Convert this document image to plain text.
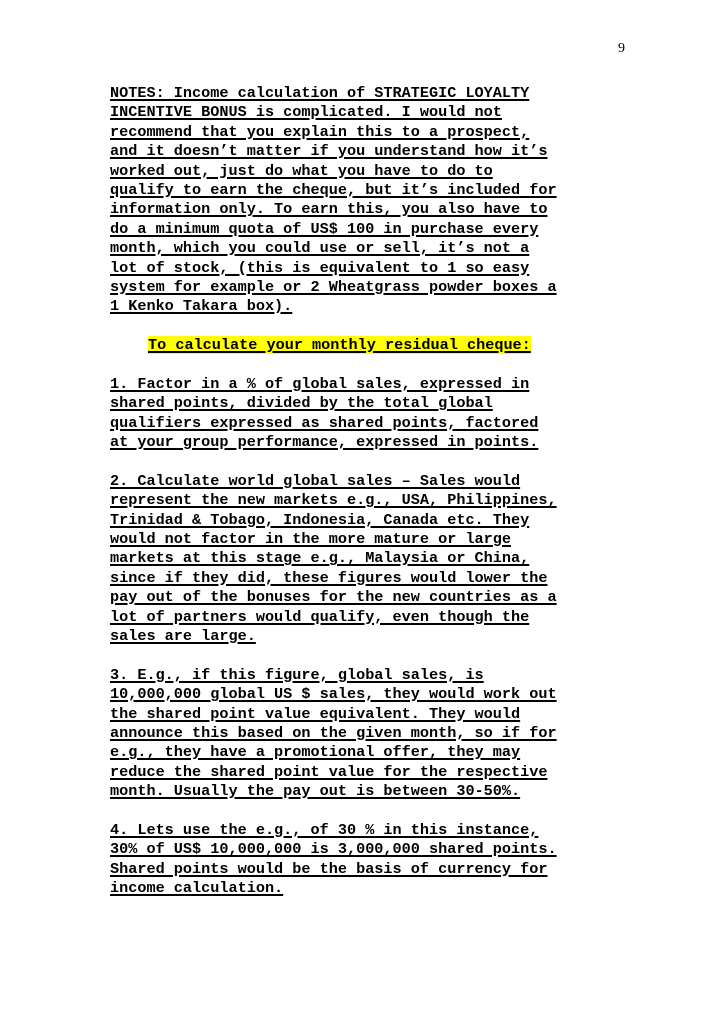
9
NOTES: Income calculation of STRATEGIC LOYALTY
INCENTIVE BONUS is complicated. I would not
recommend that you explain this to a prospect,
and it doesn’t matter if you understand how it’s
worked out, just do what you have to do to
qualify to earn the cheque, but it’s included for
information only. To earn this, you also have to
do a minimum quota of US$ 100 in purchase every
month, which you could use or sell, it’s not a
lot of stock, (this is equivalent to 1 so easy
system for example or 2 Wheatgrass powder boxes a
1 Kenko Takara box).
To calculate your monthly residual cheque:
1. Factor in a % of global sales, expressed in
shared points, divided by the total global
qualifiers expressed as shared points, factored
at your group performance, expressed in points.
2. Calculate world global sales – Sales would
represent the new markets e.g., USA, Philippines,
Trinidad & Tobago, Indonesia, Canada etc. They
would not factor in the more mature or large
markets at this stage e.g., Malaysia or China,
since if they did, these figures would lower the
pay out of the bonuses for the new countries as a
lot of partners would qualify, even though the
sales are large.
3. E.g., if this figure, global sales, is
10,000,000 global US $ sales, they would work out
the shared point value equivalent. They would
announce this based on the given month, so if for
e.g., they have a promotional offer, they may
reduce the shared point value for the respective
month. Usually the pay out is between 30-50%.
4. Lets use the e.g., of 30 % in this instance,
30% of US$ 10,000,000 is 3,000,000 shared points.
Shared points would be the basis of currency for
income calculation.
